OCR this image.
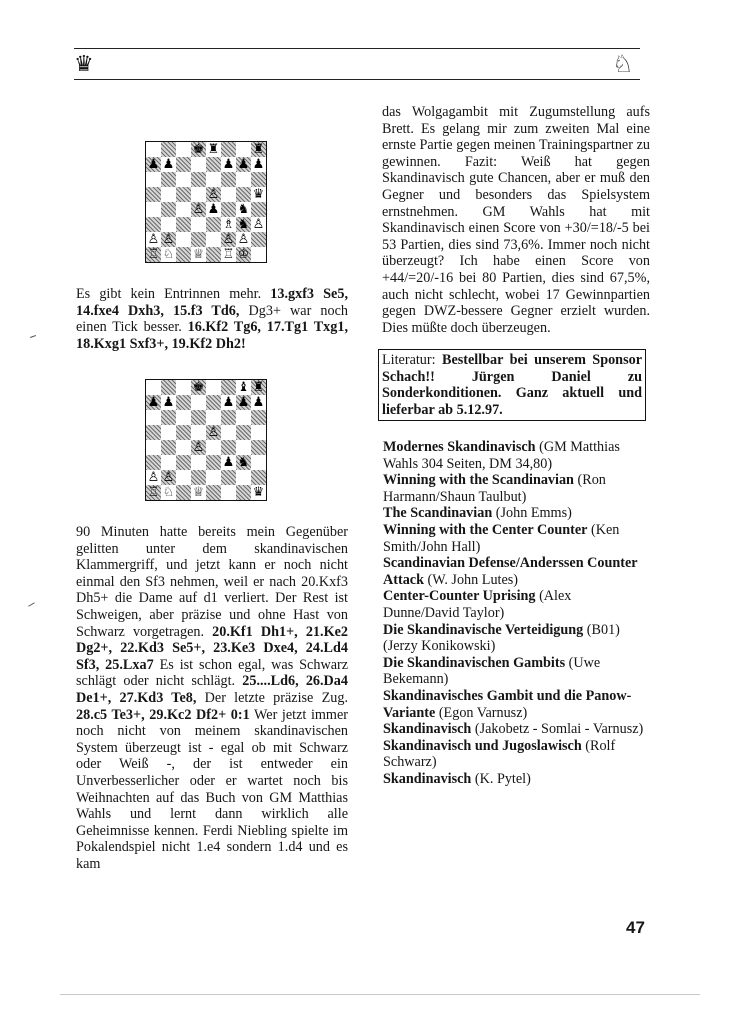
♛	♘
♚ ♜	♜
♟ ♟	♟ ♟ ♟
♙	♛
♙ ♟ ♞
♗ ♞ ♙
♙ ♙	♙ ♙
♖ ♘ ♕ ♖ ♔
♚	♝ ♜
♟ ♟	♟ ♟ ♟
♙
♙
♟ ♞
♙ ♙
♖ ♘ ♕	♛

Es gibt kein Entrinnen mehr. 13.gxf3 Se5, 14.fxe4 Dxh3, 15.f3 Td6, Dg3+ war noch einen Tick besser. 16.Kf2 Tg6, 17.Tg1 Txg1, 18.Kxg1 Sxf3+, 19.Kf2 Dh2!

90 Minuten hatte bereits mein Gegenüber gelitten unter dem skandinavischen Klammergriff, und jetzt kann er noch nicht einmal den Sf3 nehmen, weil er nach 20.Kxf3 Dh5+ die Dame auf d1 verliert. Der Rest ist Schweigen, aber präzise und ohne Hast von Schwarz vorgetragen. 20.Kf1 Dh1+, 21.Ke2 Dg2+, 22.Kd3 Se5+, 23.Ke3 Dxe4, 24.Ld4 Sf3, 25.Lxa7 Es ist schon egal, was Schwarz schlägt oder nicht schlägt. 25....Ld6, 26.Da4 De1+, 27.Kd3 Te8, Der letzte präzise Zug. 28.c5 Te3+, 29.Kc2 Df2+ 0:1 Wer jetzt immer noch nicht von meinem skandinavischen System überzeugt ist - egal ob mit Schwarz oder Weiß -, der ist entweder ein Unverbesserlicher oder er wartet noch bis Weihnachten auf das Buch von GM Matthias Wahls und lernt dann wirklich alle Geheimnisse kennen. Ferdi Niebling spielte im Pokalendspiel nicht 1.e4 sondern 1.d4 und es kam

das Wolgagambit mit Zugumstellung aufs Brett. Es gelang mir zum zweiten Mal eine ernste Partie gegen meinen Trainingspartner zu gewinnen. Fazit: Weiß hat gegen Skandinavisch gute Chancen, aber er muß den Gegner und besonders das Spielsystem ernstnehmen. GM Wahls hat mit Skandinavisch einen Score von +30/=18/-5 bei 53 Partien, dies sind 73,6%. Immer noch nicht überzeugt? Ich habe einen Score von +44/=20/-16 bei 80 Partien, dies sind 67,5%, auch nicht schlecht, wobei 17 Gewinnpartien gegen DWZ-bessere Gegner erzielt wurden. Dies müßte doch überzeugen.

Literatur: Bestellbar bei unserem Sponsor Schach!! Jürgen Daniel zu Sonderkonditionen. Ganz aktuell und lieferbar ab 5.12.97.

Modernes Skandinavisch (GM Matthias Wahls 304 Seiten, DM 34,80)

Winning with the Scandinavian (Ron Harmann/Shaun Taulbut)

The Scandinavian (John Emms)

Winning with the Center Counter (Ken Smith/John Hall)

Scandinavian Defense/Anderssen Counter Attack (W. John Lutes)

Center-Counter Uprising (Alex Dunne/David Taylor)

Die Skandinavische Verteidigung (B01) (Jerzy Konikowski)

Die Skandinavischen Gambits (Uwe Bekemann)

Skandinavisches Gambit und die Panow-Variante (Egon Varnusz)

Skandinavisch (Jakobetz - Somlai - Varnusz)

Skandinavisch und Jugoslawisch (Rolf Schwarz)

Skandinavisch (K. Pytel)

47
